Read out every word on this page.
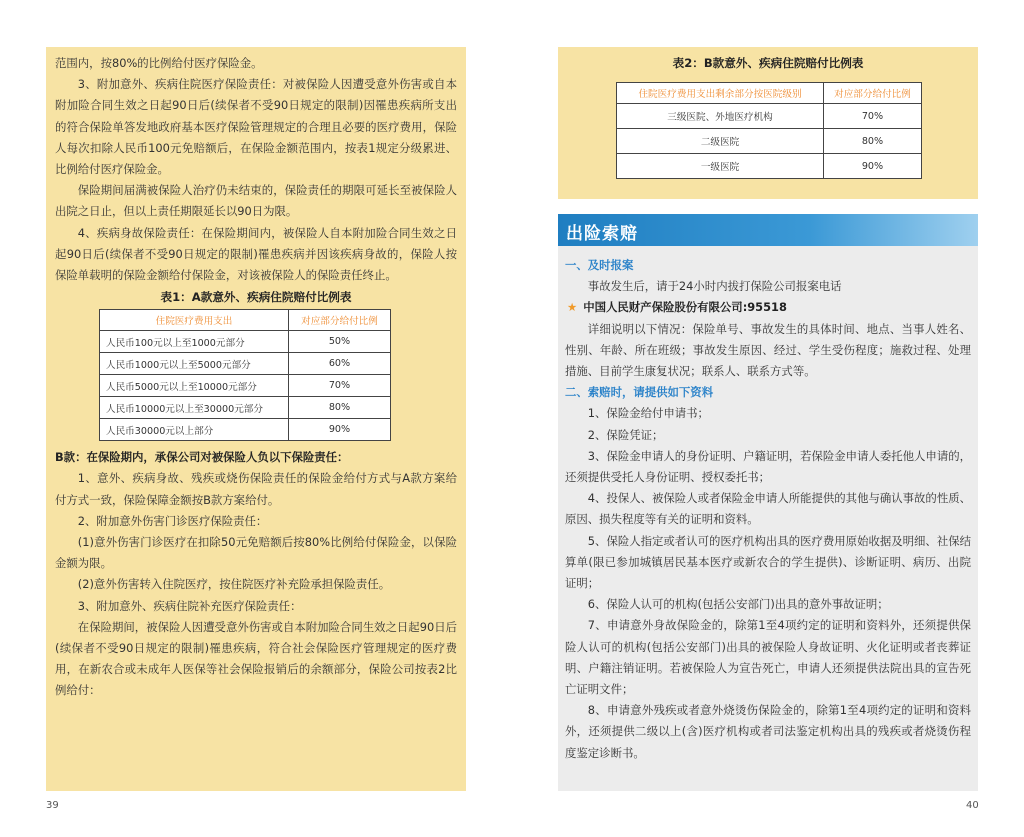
范围内，按80%的比例给付医疗保险金。

3、附加意外、疾病住院医疗保险责任：对被保险人因遭受意外伤害或自本附加险合同生效之日起90日后(续保者不受90日规定的限制)因罹患疾病所支出的符合保险单答发地政府基本医疗保险管理规定的合理且必要的医疗费用，保险人每次扣除人民币100元免赔额后，在保险金额范围内，按表1规定分级累进、比例给付医疗保险金。

保险期间届满被保险人治疗仍未结束的，保险责任的期限可延长至被保险人出院之日止，但以上责任期限延长以90日为限。

4、疾病身故保险责任：在保险期间内，被保险人自本附加险合同生效之日起90日后(续保者不受90日规定的限制)罹患疾病并因该疾病身故的，保险人按保险单载明的保险金额给付保险金，对该被保险人的保险责任终止。

表1：A款意外、疾病住院赔付比例表
住院医疗费用支出	对应部分给付比例
人民币100元以上至1000元部分	50%
人民币1000元以上至5000元部分	60%
人民币5000元以上至10000元部分	70%
人民币10000元以上至30000元部分	80%
人民币30000元以上部分	90%

B款：在保险期内，承保公司对被保险人负以下保险责任：

1、意外、疾病身故、残疾或烧伤保险责任的保险金给付方式与A款方案给付方式一致，保险保障金额按B款方案给付。

2、附加意外伤害门诊医疗保险责任：

(1)意外伤害门诊医疗在扣除50元免赔额后按80%比例给付保险金，以保险金额为限。

(2)意外伤害转入住院医疗，按住院医疗补充险承担保险责任。

3、附加意外、疾病住院补充医疗保险责任：

在保险期间，被保险人因遭受意外伤害或自本附加险合同生效之日起90日后(续保者不受90日规定的限制)罹患疾病，符合社会保险医疗管理规定的医疗费用，在新农合或未成年人医保等社会保险报销后的余额部分，保险公司按表2比例给付：

表2：B款意外、疾病住院赔付比例表
住院医疗费用支出剩余部分按医院级别	对应部分给付比例
三级医院、外地医疗机构	70%
二级医院	80%
一级医院	90%
出险索赔

一、及时报案

事故发生后，请于24小时内拔打保险公司报案电话

★ 中国人民财产保险股份有限公司:95518

详细说明以下情况：保险单号、事故发生的具体时间、地点、当事人姓名、性别、年龄、所在班级；事故发生原因、经过、学生受伤程度；施救过程、处理措施、目前学生康复状况；联系人、联系方式等。

二、索赔时，请提供如下资料

1、保险金给付申请书；

2、保险凭证；

3、保险金申请人的身份证明、户籍证明，若保险金申请人委托他人申请的，还须提供受托人身份证明、授权委托书；

4、投保人、被保险人或者保险金申请人所能提供的其他与确认事故的性质、原因、损失程度等有关的证明和资料。

5、保险人指定或者认可的医疗机构出具的医疗费用原始收据及明细、社保结算单(限已参加城镇居民基本医疗或新农合的学生提供)、诊断证明、病历、出院证明；

6、保险人认可的机构(包括公安部门)出具的意外事故证明；

7、申请意外身故保险金的，除第1至4项约定的证明和资料外，还须提供保险人认可的机构(包括公安部门)出具的被保险人身故证明、火化证明或者丧葬证明、户籍注销证明。若被保险人为宣告死亡，申请人还须提供法院出具的宣告死亡证明文件；

8、申请意外残疾或者意外烧烫伤保险金的，除第1至4项约定的证明和资料外，还须提供二级以上(含)医疗机构或者司法鉴定机构出具的残疾或者烧烫伤程度鉴定诊断书。

39	40
